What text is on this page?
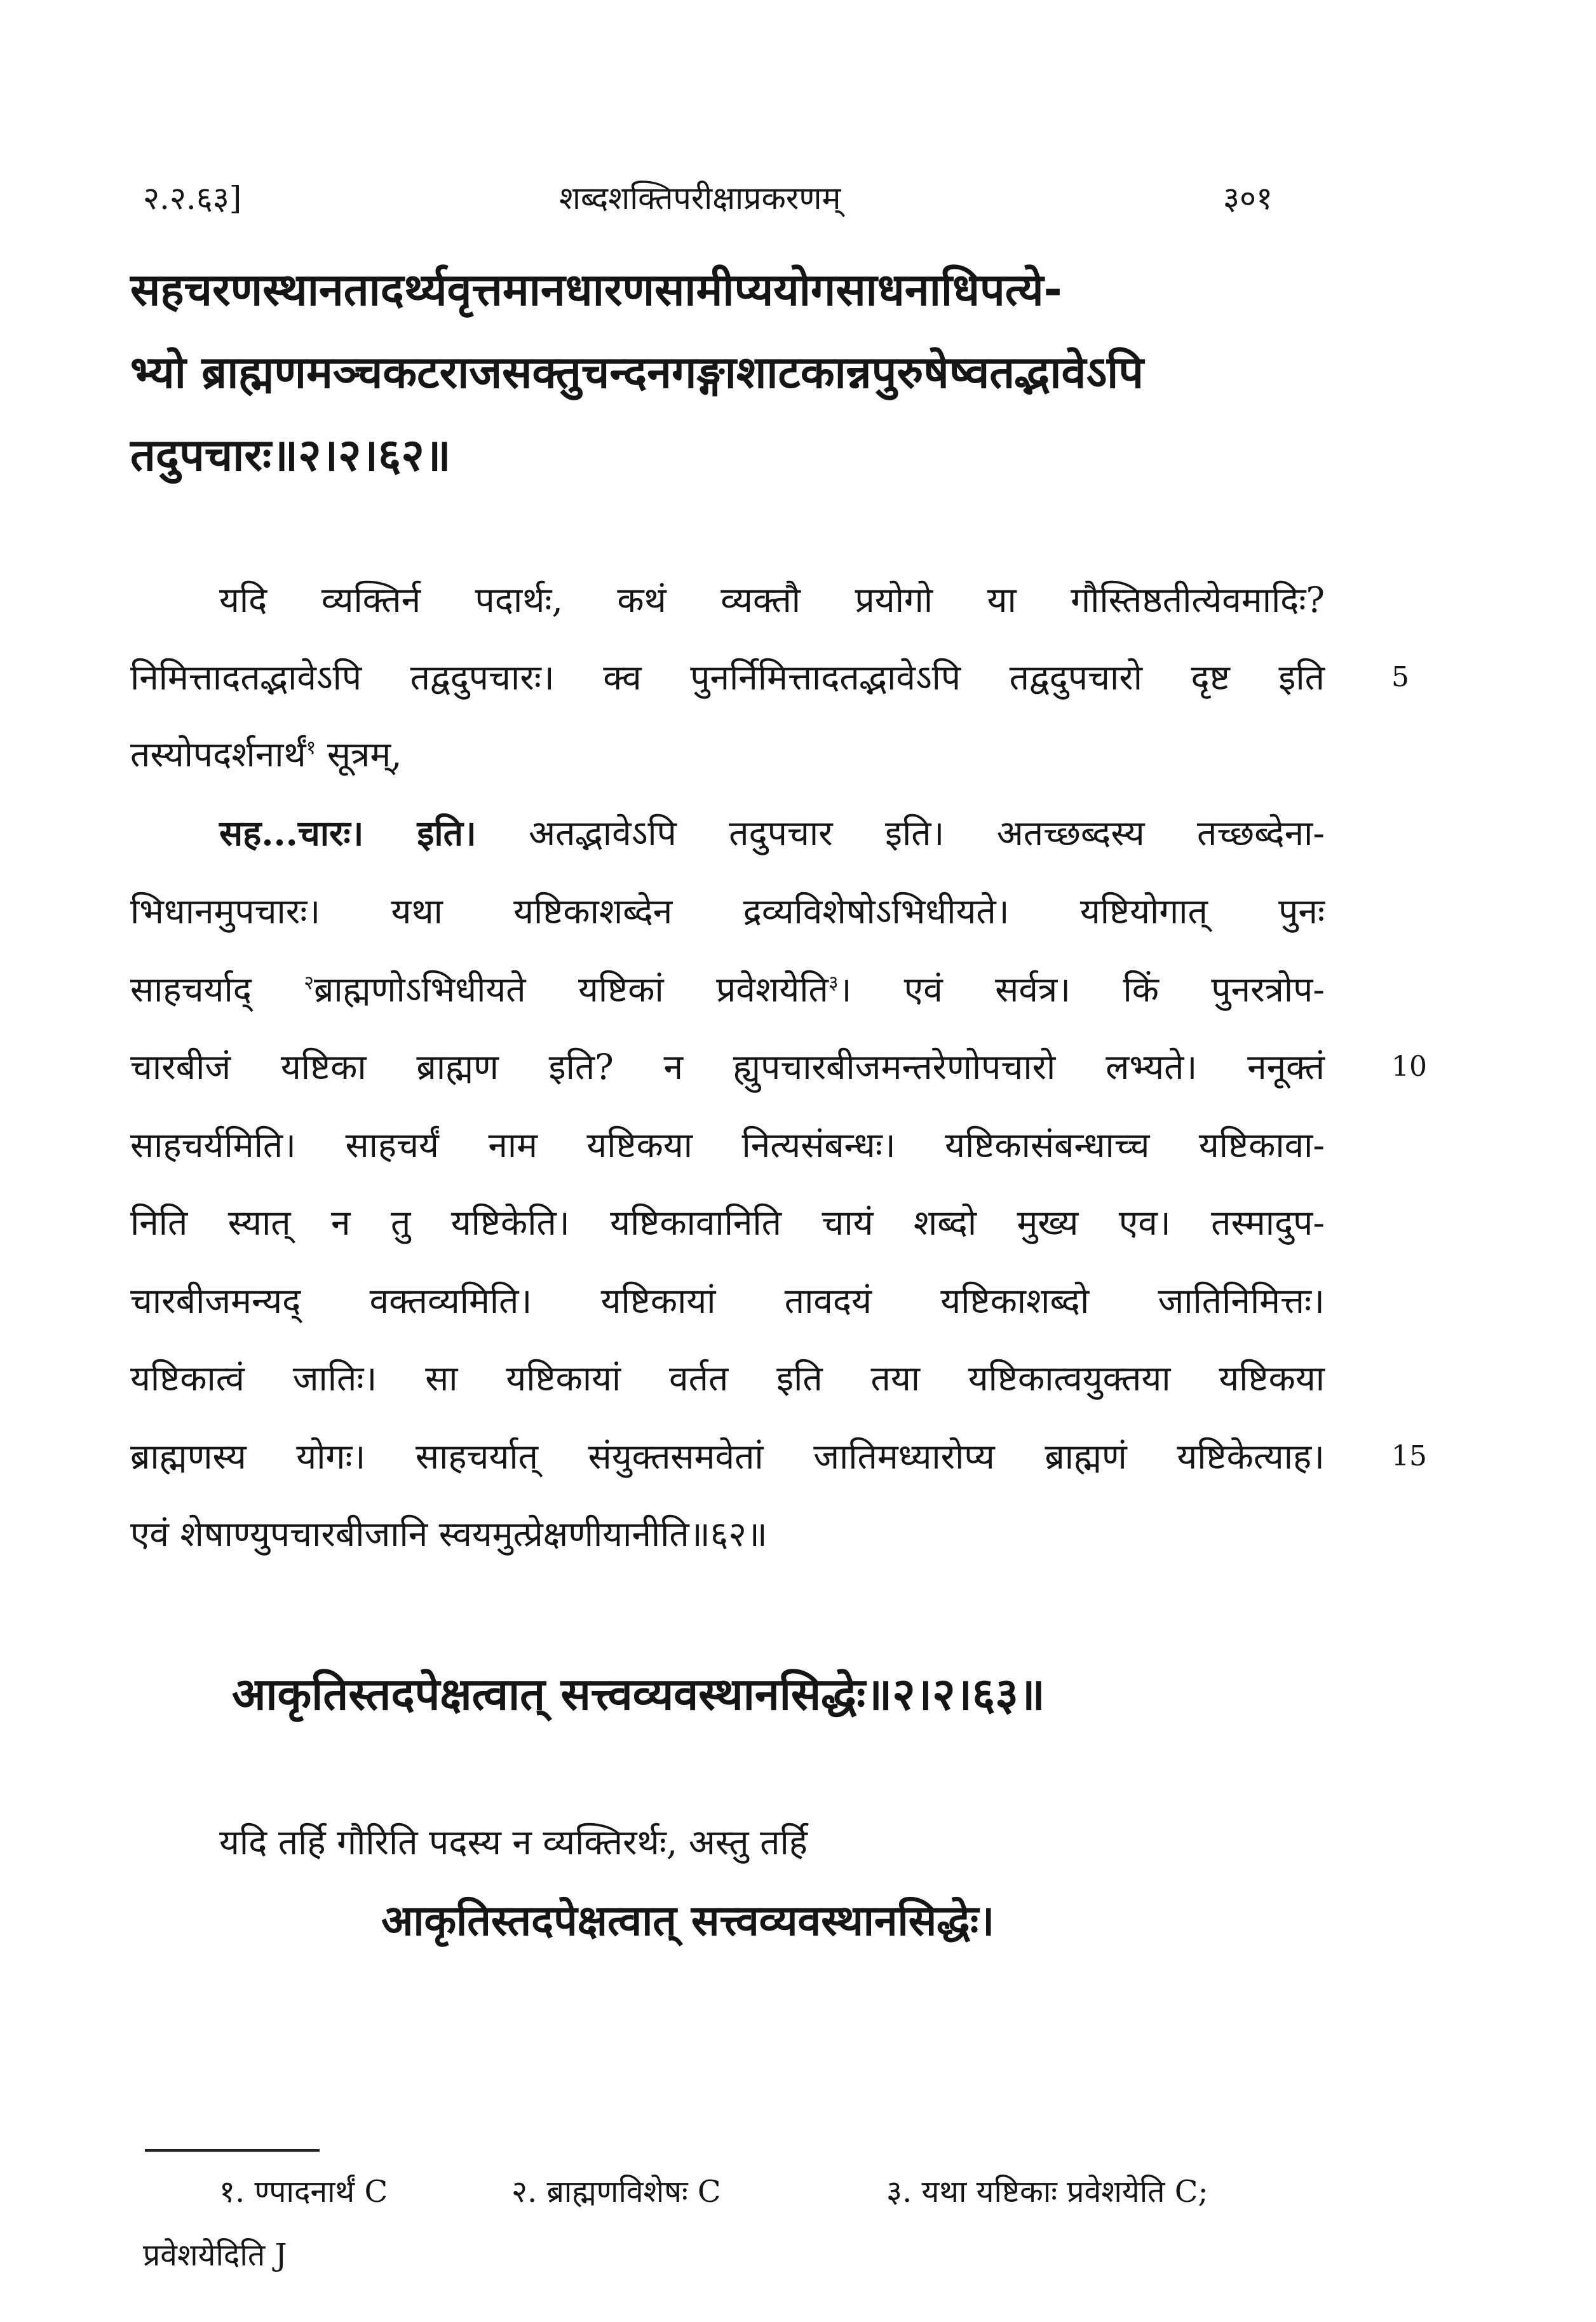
२.२.६३]	शब्दशक्तिपरीक्षाप्रकरणम्	३०१
सहचरणस्थानतादर्थ्यवृत्तमानधारणसामीप्ययोगसाधनाधिपत्ये-
भ्यो ब्राह्मणमञ्चकटराजसक्तुचन्दनगङ्गाशाटकान्नपुरुषेष्वतद्भावेऽपि
तदुपचारः॥२।२।६२॥
यदि व्यक्तिर्न पदार्थः, कथं व्यक्तौ प्रयोगो या गौस्तिष्ठतीत्येवमादिः?
निमित्तादतद्भावेऽपि तद्वदुपचारः। क्व पुनर्निमित्तादतद्भावेऽपि तद्वदुपचारो दृष्ट इति 5
तस्योपदर्शनार्थं$^१$ सूत्रम्,
सह...चारः। इति। अतद्भावेऽपि तदुपचार इति। अतच्छब्दस्य तच्छब्देना-
भिधानमुपचारः। यथा यष्टिकाशब्देन द्रव्यविशेषोऽभिधीयते। यष्टियोगात् पुनः
साहचर्याद् $^२$ब्राह्मणोऽभिधीयते यष्टिकां प्रवेशयेति$^३$। एवं सर्वत्र। किं पुनरत्रोप-
चारबीजं यष्टिका ब्राह्मण इति? न ह्युपचारबीजमन्तरेणोपचारो लभ्यते। ननूक्तं 10
साहचर्यमिति। साहचर्यं नाम यष्टिकया नित्यसंबन्धः। यष्टिकासंबन्धाच्च यष्टिकावा-
निति स्यात् न तु यष्टिकेति। यष्टिकावानिति चायं शब्दो मुख्य एव। तस्मादुप-
चारबीजमन्यद् वक्तव्यमिति। यष्टिकायां तावदयं यष्टिकाशब्दो जातिनिमित्तः।
यष्टिकात्वं जातिः। सा यष्टिकायां वर्तत इति तया यष्टिकात्वयुक्तया यष्टिकया
ब्राह्मणस्य योगः। साहचर्यात् संयुक्तसमवेतां जातिमध्यारोप्य ब्राह्मणं यष्टिकेत्याह। 15
एवं शेषाण्युपचारबीजानि स्वयमुत्प्रेक्षणीयानीति॥६२॥
आकृतिस्तदपेक्षत्वात् सत्त्वव्यवस्थानसिद्धेः॥२।२।६३॥
यदि तर्हि गौरिति पदस्य न व्यक्तिरर्थः, अस्तु तर्हि
आकृतिस्तदपेक्षत्वात् सत्त्वव्यवस्थानसिद्धेः।
१. ण्पादनार्थं C	२. ब्राह्मणविशेषः C	३. यथा यष्टिकाः प्रवेशयेति C;
प्रवेशयेदिति J
